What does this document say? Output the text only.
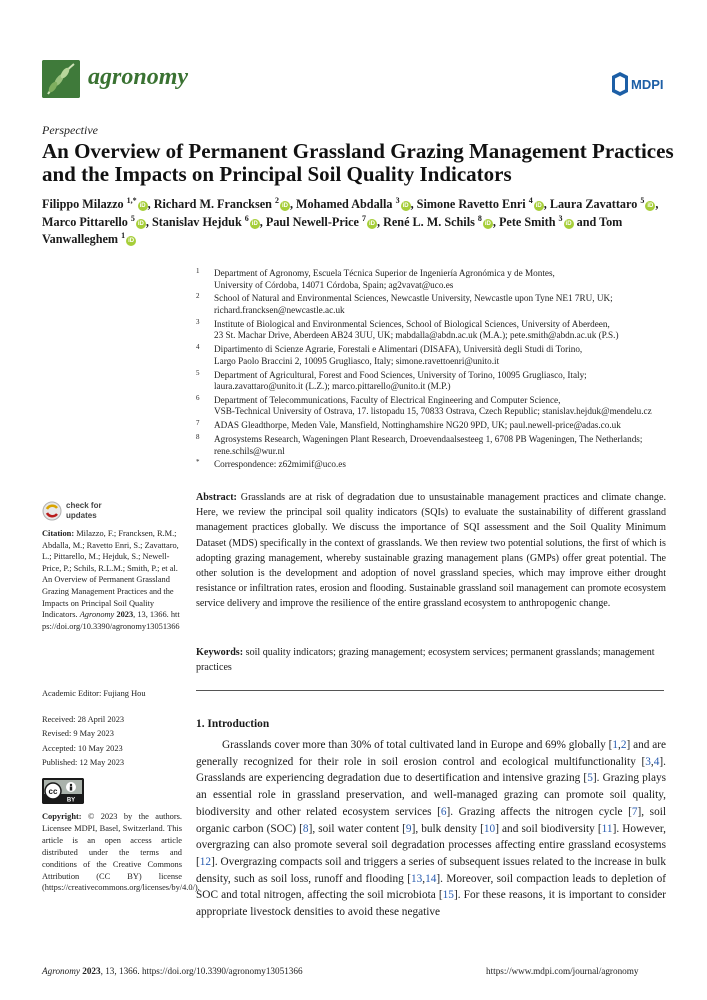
agronomy	MDPI
Perspective
An Overview of Permanent Grassland Grazing Management Practices and the Impacts on Principal Soil Quality Indicators
Filippo Milazzo $^{1,*}$iD , Richard M. Francksen $^2$iD , Mohamed Abdalla $^3$iD , Simone Ravetto Enri $^4$iD , Laura Zavattaro $^5$iD , Marco Pittarello $^5$iD , Stanislav Hejduk $^6$iD , Paul Newell-Price $^7$iD , René L. M. Schils $^8$iD , Pete Smith $^3$iD and Tom Vanwalleghem $^1$iD
1 Department of Agronomy, Escuela Técnica Superior de Ingeniería Agronómica y de Montes,
University of Córdoba, 14071 Córdoba, Spain; ag2vavat@uco.es
2 School of Natural and Environmental Sciences, Newcastle University, Newcastle upon Tyne NE1 7RU, UK;
richard.francksen@newcastle.ac.uk
3 Institute of Biological and Environmental Sciences, School of Biological Sciences, University of Aberdeen,
23 St. Machar Drive, Aberdeen AB24 3UU, UK; mabdalla@abdn.ac.uk (M.A.); pete.smith@abdn.ac.uk (P.S.)
4 Dipartimento di Scienze Agrarie, Forestali e Alimentari (DISAFA), Università degli Studi di Torino,
Largo Paolo Braccini 2, 10095 Grugliasco, Italy; simone.ravettoenri@unito.it
5 Department of Agricultural, Forest and Food Sciences, University of Torino, 10095 Grugliasco, Italy;
laura.zavattaro@unito.it (L.Z.); marco.pittarello@unito.it (M.P.)
6 Department of Telecommunications, Faculty of Electrical Engineering and Computer Science,
VSB-Technical University of Ostrava, 17. listopadu 15, 70833 Ostrava, Czech Republic; stanislav.hejduk@mendelu.cz
7 ADAS Gleadthorpe, Meden Vale, Mansfield, Nottinghamshire NG20 9PD, UK; paul.newell-price@adas.co.uk
8 Agrosystems Research, Wageningen Plant Research, Droevendaalsesteeg 1, 6708 PB Wageningen, The Netherlands;
rene.schils@wur.nl
* Correspondence: z62mimif@uco.es
check for
updates
Citation: Milazzo, F.; Francksen, R.M.; Abdalla, M.; Ravetto Enri, S.; Zavattaro, L.; Pittarello, M.; Hejduk, S.; Newell-Price, P.; Schils, R.L.M.; Smith, P.; et al. An Overview of Permanent Grassland Grazing Management Practices and the Impacts on Principal Soil Quality Indicators. Agronomy 2023, 13, 1366. https://doi.org/10.3390/agronomy13051366
Academic Editor: Fujiang Hou
Received: 28 April 2023
Revised: 9 May 2023
Accepted: 10 May 2023
Published: 12 May 2023
cc
BY
Copyright: © 2023 by the authors. Licensee MDPI, Basel, Switzerland. This article is an open access article distributed under the terms and conditions of the Creative Commons Attribution (CC BY) license (https://creativecommons.org/licenses/by/4.0/).
Abstract: Grasslands are at risk of degradation due to unsustainable management practices and climate change. Here, we review the principal soil quality indicators (SQIs) to evaluate the sustainability of different grassland management practices globally. We discuss the importance of SQI assessment and the Soil Quality Minimum Dataset (MDS) specifically in the context of grasslands. We then review two potential solutions, the first of which is adopting grazing management, whereby sustainable grazing management plans (GMPs) offer great potential. The other solution is the development and adoption of novel grassland species, which may improve either drought resistance or infiltration rates, erosion and flooding. Sustainable grassland soil management can promote ecosystem service delivery and improve the resilience of the entire grassland ecosystem to anthropogenic change.
Keywords: soil quality indicators; grazing management; ecosystem services; permanent grasslands; management practices
1. Introduction
Grasslands cover more than 30% of total cultivated land in Europe and 69% globally [1,2] and are generally recognized for their role in soil erosion control and ecological multifunctionality [3,4]. Grasslands are experiencing degradation due to desertification and intensive grazing [5]. Grazing plays an essential role in grassland preservation, and well-managed grazing can promote soil quality, biodiversity and other related ecosystem services [6]. Grazing affects the nitrogen cycle [7], soil organic carbon (SOC) [8], soil water content [9], bulk density [10] and soil biodiversity [11]. However, overgrazing can also promote several soil degradation processes affecting entire grassland ecosystems [12]. Overgrazing compacts soil and triggers a series of subsequent issues related to the increase in bulk density, such as soil loss, runoff and flooding [13,14]. Moreover, soil compaction leads to depletion of SOC and total nitrogen, affecting the soil microbiota [15]. For these reasons, it is important to consider appropriate livestock densities to avoid these negative
Agronomy 2023, 13, 1366. https://doi.org/10.3390/agronomy13051366	https://www.mdpi.com/journal/agronomy
